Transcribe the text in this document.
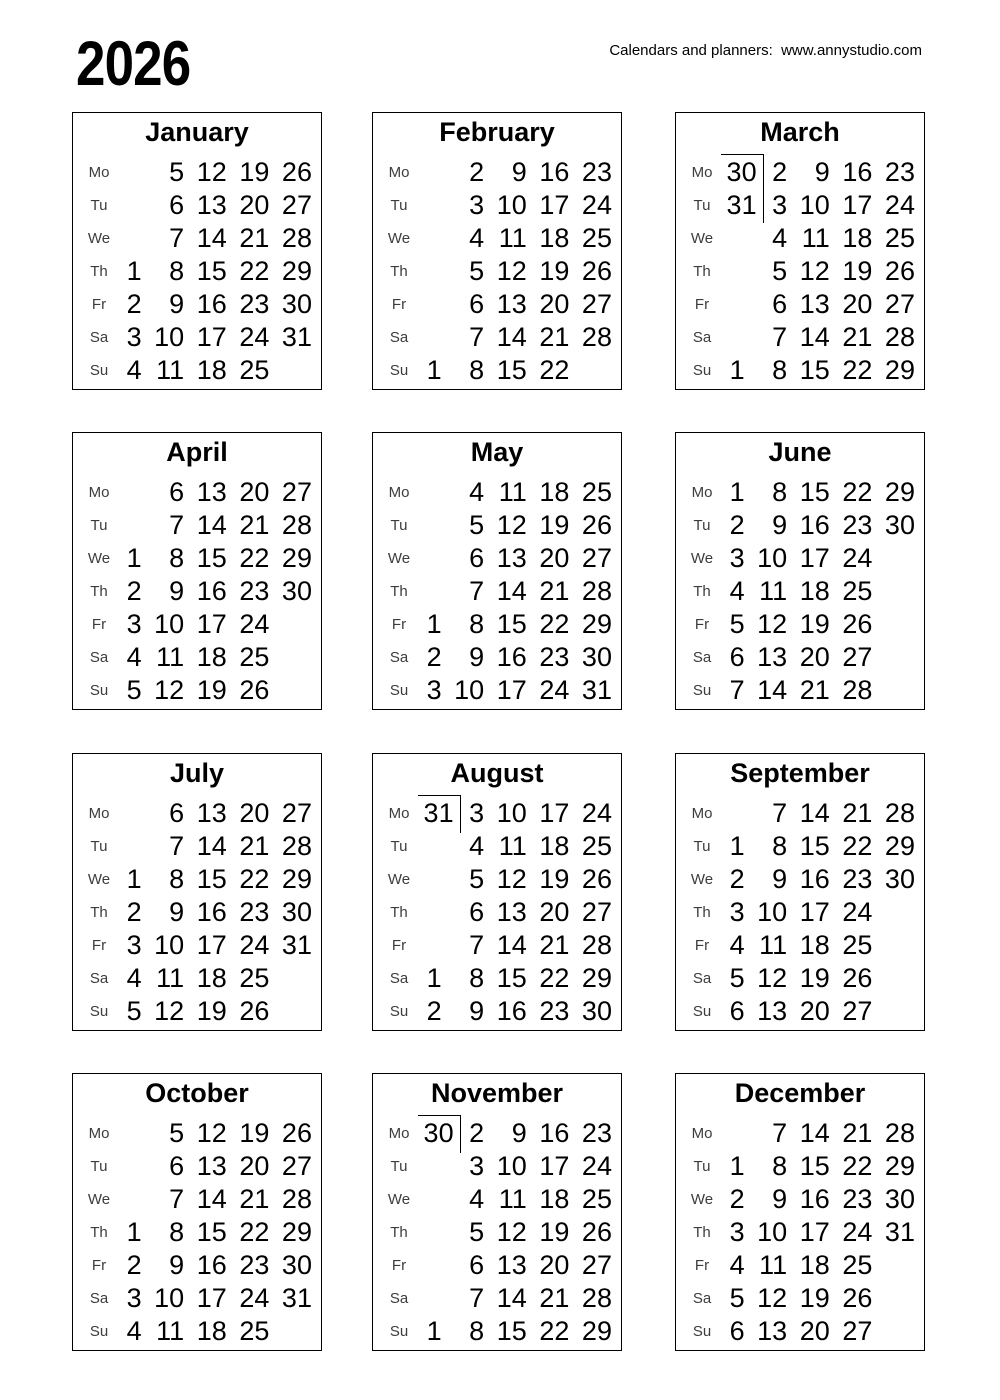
2026	Calendars and planners:  www.annystudio.com
January
Mo	5 12 19 26
Tu	6 13 20 27
We	7 14 21 28
Th 1	8 15 22 29
Fr 2	9 16 23 30
Sa 3 10 17 24 31
Su 4 11 18 25
February
Mo	2	9 16 23
Tu	3 10 17 24
We	4 11 18 25
Th	5 12 19 26
Fr	6 13 20 27
Sa	7 14 21 28
Su 1	8 15 22
March
Mo 30 2	9 16 23
Tu 31 3 10 17 24
We	4 11 18 25
Th	5 12 19 26
Fr	6 13 20 27
Sa	7 14 21 28
Su 1	8 15 22 29
April
Mo	6 13 20 27
Tu	7 14 21 28
We 1	8 15 22 29
Th 2	9 16 23 30
Fr 3 10 17 24
Sa 4 11 18 25
Su 5 12 19 26
May
Mo	4 11 18 25
Tu	5 12 19 26
We	6 13 20 27
Th	7 14 21 28
Fr 1	8 15 22 29
Sa 2	9 16 23 30
Su 3 10 17 24 31
June
Mo 1	8 15 22 29
Tu 2	9 16 23 30
We 3 10 17 24
Th 4 11 18 25
Fr 5 12 19 26
Sa 6 13 20 27
Su 7 14 21 28
July
Mo	6 13 20 27
Tu	7 14 21 28
We 1	8 15 22 29
Th 2	9 16 23 30
Fr 3 10 17 24 31
Sa 4 11 18 25
Su 5 12 19 26
August
Mo 31 3 10 17 24
Tu	4 11 18 25
We	5 12 19 26
Th	6 13 20 27
Fr	7 14 21 28
Sa 1	8 15 22 29
Su 2	9 16 23 30
September
Mo	7 14 21 28
Tu 1	8 15 22 29
We 2	9 16 23 30
Th 3 10 17 24
Fr 4 11 18 25
Sa 5 12 19 26
Su 6 13 20 27
October
Mo	5 12 19 26
Tu	6 13 20 27
We	7 14 21 28
Th 1	8 15 22 29
Fr 2	9 16 23 30
Sa 3 10 17 24 31
Su 4 11 18 25
November
Mo 30 2	9 16 23
Tu	3 10 17 24
We	4 11 18 25
Th	5 12 19 26
Fr	6 13 20 27
Sa	7 14 21 28
Su 1	8 15 22 29
December
Mo	7 14 21 28
Tu 1	8 15 22 29
We 2	9 16 23 30
Th 3 10 17 24 31
Fr 4 11 18 25
Sa 5 12 19 26
Su 6 13 20 27
